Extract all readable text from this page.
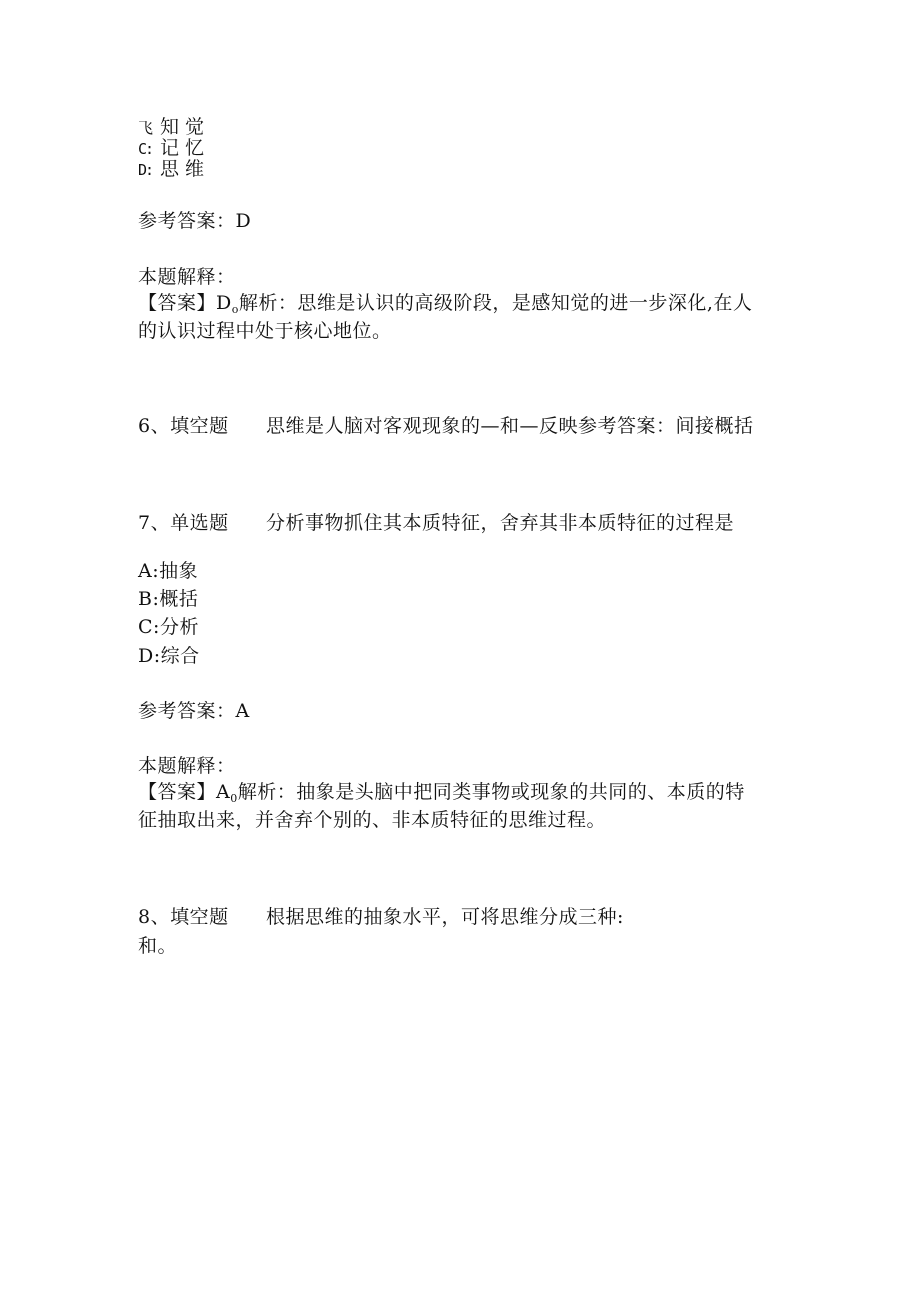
飞 知觉
C: 记忆
D: 思维
参考答案：D
本题解释：
【答案】$D_o$解析：思维是认识的高级阶段，是感知觉的进一步深化,在人
的认识过程中处于核心地位。
6、填空题 思维是人脑对客观现象的—和—反映参考答案：间接概括
7、单选题 分析事物抓住其本质特征，舍弃其非本质特征的过程是
A:抽象
B:概括
C:分析
D:综合
参考答案：A
本题解释：
【答案】$A_0$解析：抽象是头脑中把同类事物或现象的共同的、本质的特
征抽取出来，并舍弃个别的、非本质特征的思维过程。
8、填空题 根据思维的抽象水平，可将思维分成三种:
和。
